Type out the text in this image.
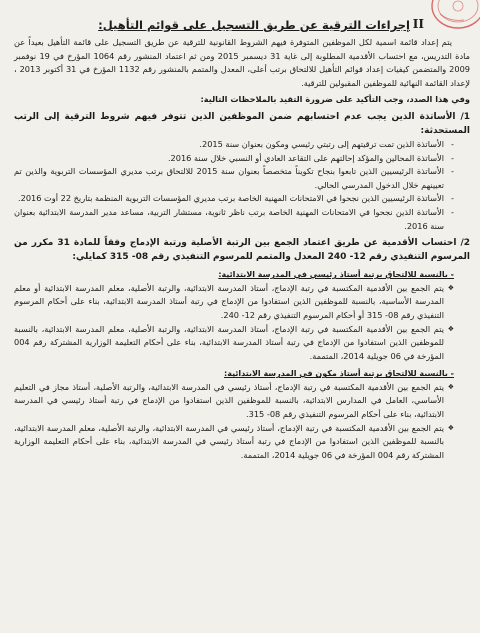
II
إجراءات الترقية عن طريق التسجيل على قوائم التأهيل:

يتم إعداد قائمة اسمية لكل الموظفين المتوفرة فيهم الشروط القانونية للترقية عن طريق التسجيل على قائمة التأهيل بعيداً عن مادة التدريس، مع احتساب الأقدمية المطلوبة إلى غاية 31 ديسمبر 2015 ومن ثم اعتماد المنشور رقم 1064 المؤرخ في 19 نوفمبر 2009 والمتضمن كيفيات إعداد قوائم التأهيل للالتحاق برتب أعلى، المعدل والمتمم بالمنشور رقم 1132 المؤرخ في 31 أكتوبر 2013 ، لإعداد القائمة النهائية للموظفين المقبولين للترقية.

وفي هذا الصدد، وجب التأكيد على ضرورة التقيد بالملاحظات التالية:

1/ الأساتذة الذين يجب عدم احتسابهم ضمن الموظفين الذين تتوفر فيهم شروط الترقية إلى الرتب المستحدثة:

- الأساتذة الذين تمت ترقيتهم إلى رتبتي رئيسي ومكون بعنوان سنة 2015.
- الأساتذة المحالين والمؤكد إحالتهم على التقاعد العادي أو النسبي خلال سنة 2016.
- الأساتذة الرئيسيين الذين تابعوا بنجاح تكويناً متخصصاً بعنوان سنة 2015 للالتحاق برتب مديري المؤسسات التربوية والذين تم تعيينهم خلال الدخول المدرسي الحالي.
- الأساتذة الرئيسيين الذين نجحوا في الامتحانات المهنية الخاصة برتب مديري المؤسسات التربوية المنظمة بتاريخ 22 أوت 2016.
- الأساتذة الذين نجحوا في الامتحانات المهنية الخاصة برتب ناظر ثانوية، مستشار التربية، مساعد مدير المدرسة الابتدائية بعنوان سنة 2016.

2/ احتساب الأقدمية عن طريق اعتماد الجمع بين الرتبة الأصلية ورتبة الإدماج وفقاً للمادة 31 مكرر من المرسوم التنفيذي رقم 12- 240 المعدل والمتمم للمرسوم التنفيذي رقم 08- 315 كمايلي:

- بالنسبة للالتحاق برتبة أستاذ رئيسي في المدرسة الابتدائية:

❖ يتم الجمع بين الأقدمية المكتسبة في رتبة الإدماج، أستاذ المدرسة الابتدائية، والرتبة الأصلية، معلم المدرسة الابتدائية أو معلم المدرسة الأساسية، بالنسبة للموظفين الذين استفادوا من الإدماج في رتبة أستاذ المدرسة الابتدائية، بناء على أحكام المرسوم التنفيذي رقم 08- 315 أو أحكام المرسوم التنفيذي رقم 12- 240.
❖ يتم الجمع بين الأقدمية المكتسبة في رتبة الإدماج، أستاذ المدرسة الابتدائية، والرتبة الأصلية، معلم المدرسة الابتدائية، بالنسبة للموظفين الذين استفادوا من الإدماج في رتبة أستاذ المدرسة الابتدائية، بناء على أحكام التعليمة الوزارية المشتركة رقم 004 المؤرخة في 06 جويلية 2014، المتممة.

- بالنسبة للالتحاق برتبة أستاذ مكون في المدرسة الابتدائية:

❖ يتم الجمع بين الأقدمية المكتسبة في رتبة الإدماج، أستاذ رئيسي في المدرسة الابتدائية، والرتبة الأصلية، أستاذ مجاز في التعليم الأساسي، العامل في المدارس الابتدائية، بالنسبة للموظفين الذين استفادوا من الإدماج في رتبة أستاذ رئيسي في المدرسة الابتدائية، بناء على أحكام المرسوم التنفيذي رقم 08- 315.
❖ يتم الجمع بين الأقدمية المكتسبة في رتبة الإدماج، أستاذ رئيسي في المدرسة الابتدائية، والرتبة الأصلية، معلم المدرسة الابتدائية، بالنسبة للموظفين الذين استفادوا من الإدماج في رتبة أستاذ رئيسي في المدرسة الابتدائية، بناء على أحكام التعليمة الوزارية المشتركة رقم 004 المؤرخة في 06 جويلية 2014، المتممة.
